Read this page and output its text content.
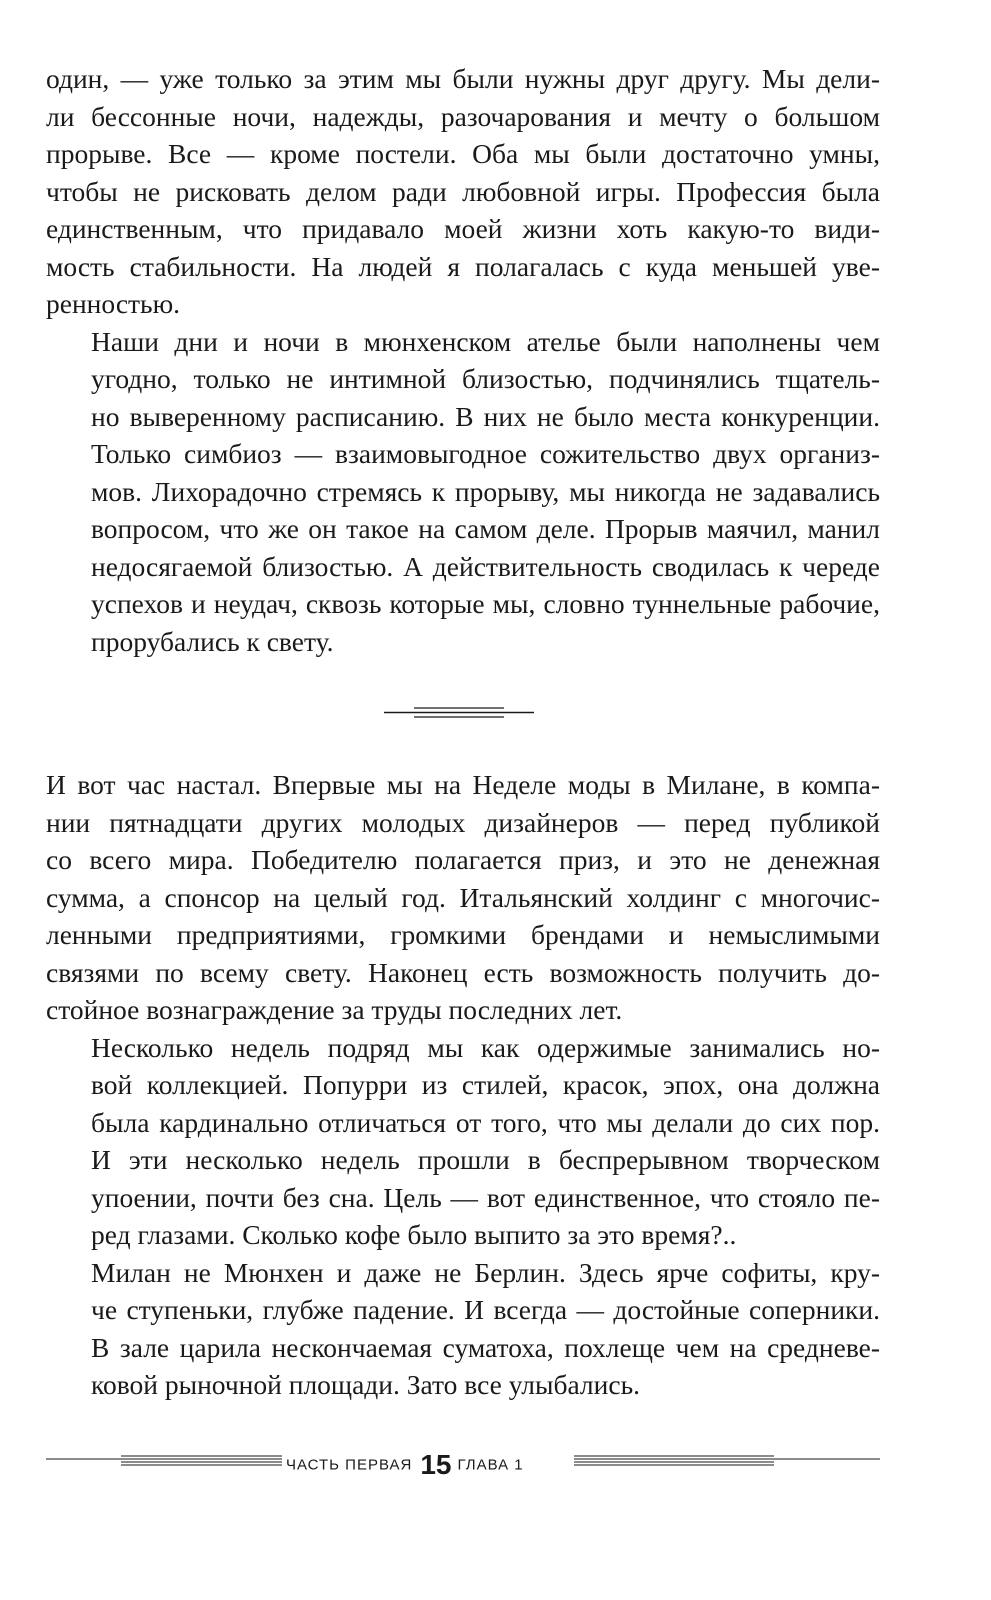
один, — уже только за этим мы были нужны друг другу. Мы дели-
ли бессонные ночи, надежды, разочарования и мечту о большом
прорыве. Все — кроме постели. Оба мы были достаточно умны,
чтобы не рисковать делом ради любовной игры. Профессия была
единственным, что придавало моей жизни хоть какую-то види-
мость стабильности. На людей я полагалась с куда меньшей уве-
ренностью.

Наши дни и ночи в мюнхенском ателье были наполнены чем
угодно, только не интимной близостью, подчинялись тщатель-
но выверенному расписанию. В них не было места конкуренции.
Только симбиоз — взаимовыгодное сожительство двух организ-
мов. Лихорадочно стремясь к прорыву, мы никогда не задавались
вопросом, что же он такое на самом деле. Прорыв маячил, манил
недосягаемой близостью. А действительность сводилась к череде
успехов и неудач, сквозь которые мы, словно туннельные рабочие,
прорубались к свету.

И вот час настал. Впервые мы на Неделе моды в Милане, в компа-
нии пятнадцати других молодых дизайнеров — перед публикой
со всего мира. Победителю полагается приз, и это не денежная
сумма, а спонсор на целый год. Итальянский холдинг с многочис-
ленными предприятиями, громкими брендами и немыслимыми
связями по всему свету. Наконец есть возможность получить до-
стойное вознаграждение за труды последних лет.

Несколько недель подряд мы как одержимые занимались но-
вой коллекцией. Попурри из стилей, красок, эпох, она должна
была кардинально отличаться от того, что мы делали до сих пор.
И эти несколько недель прошли в беспрерывном творческом
упоении, почти без сна. Цель — вот единственное, что стояло пе-
ред глазами. Сколько кофе было выпито за это время?..

Милан не Мюнхен и даже не Берлин. Здесь ярче софиты, кру-
че ступеньки, глубже падение. И всегда — достойные соперники.
В зале царила нескончаемая суматоха, похлеще чем на средневе-
ковой рыночной площади. Зато все улыбались.

ЧАСТЬ ПЕРВАЯ 15 ГЛАВА 1
